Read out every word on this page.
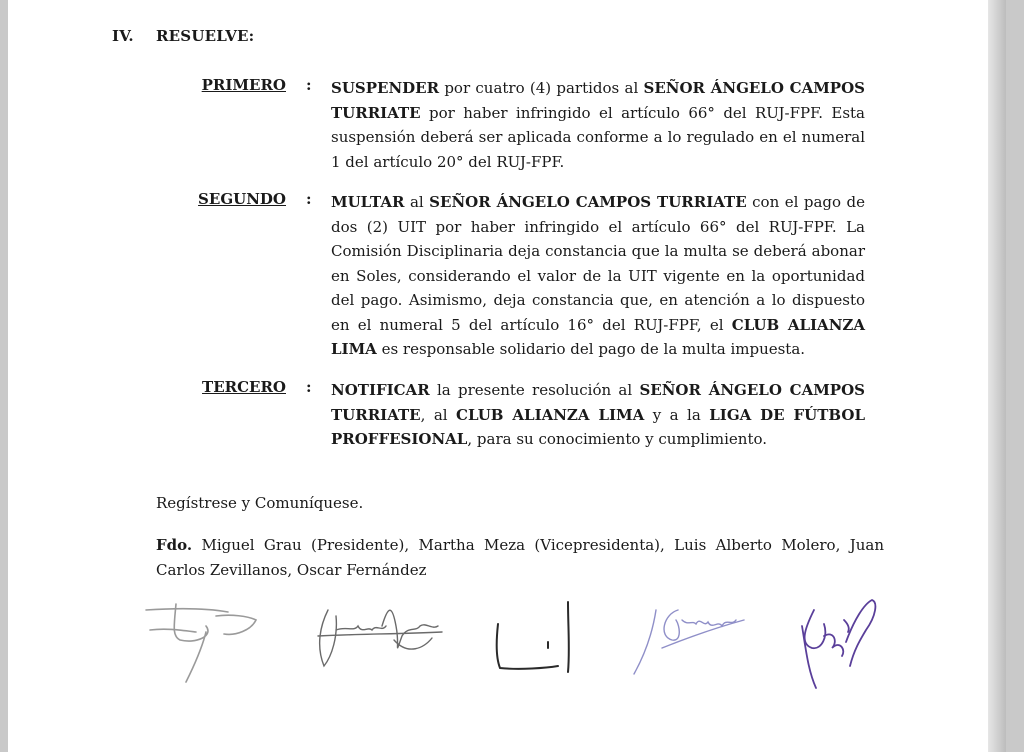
IV. RESUELVE:
PRIMERO : SUSPENDER por cuatro (4) partidos al SEÑOR ÁNGELO CAMPOS TURRIATE por haber infringido el artículo 66° del RUJ-FPF. Esta suspensión deberá ser aplicada conforme a lo regulado en el numeral 1 del artículo 20° del RUJ-FPF.
SEGUNDO : MULTAR al SEÑOR ÁNGELO CAMPOS TURRIATE con el pago de dos (2) UIT por haber infringido el artículo 66° del RUJ-FPF. La Comisión Disciplinaria deja constancia que la multa se deberá abonar en Soles, considerando el valor de la UIT vigente en la oportunidad del pago. Asimismo, deja constancia que, en atención a lo dispuesto en el numeral 5 del artículo 16° del RUJ-FPF, el CLUB ALIANZA LIMA es responsable solidario del pago de la multa impuesta.
TERCERO : NOTIFICAR la presente resolución al SEÑOR ÁNGELO CAMPOS TURRIATE, al CLUB ALIANZA LIMA y a la LIGA DE FÚTBOL PROFFESIONAL, para su conocimiento y cumplimiento.
Regístrese y Comuníquese.
Fdo. Miguel Grau (Presidente), Martha Meza (Vicepresidenta), Luis Alberto Molero, Juan Carlos Zevillanos, Oscar Fernández
